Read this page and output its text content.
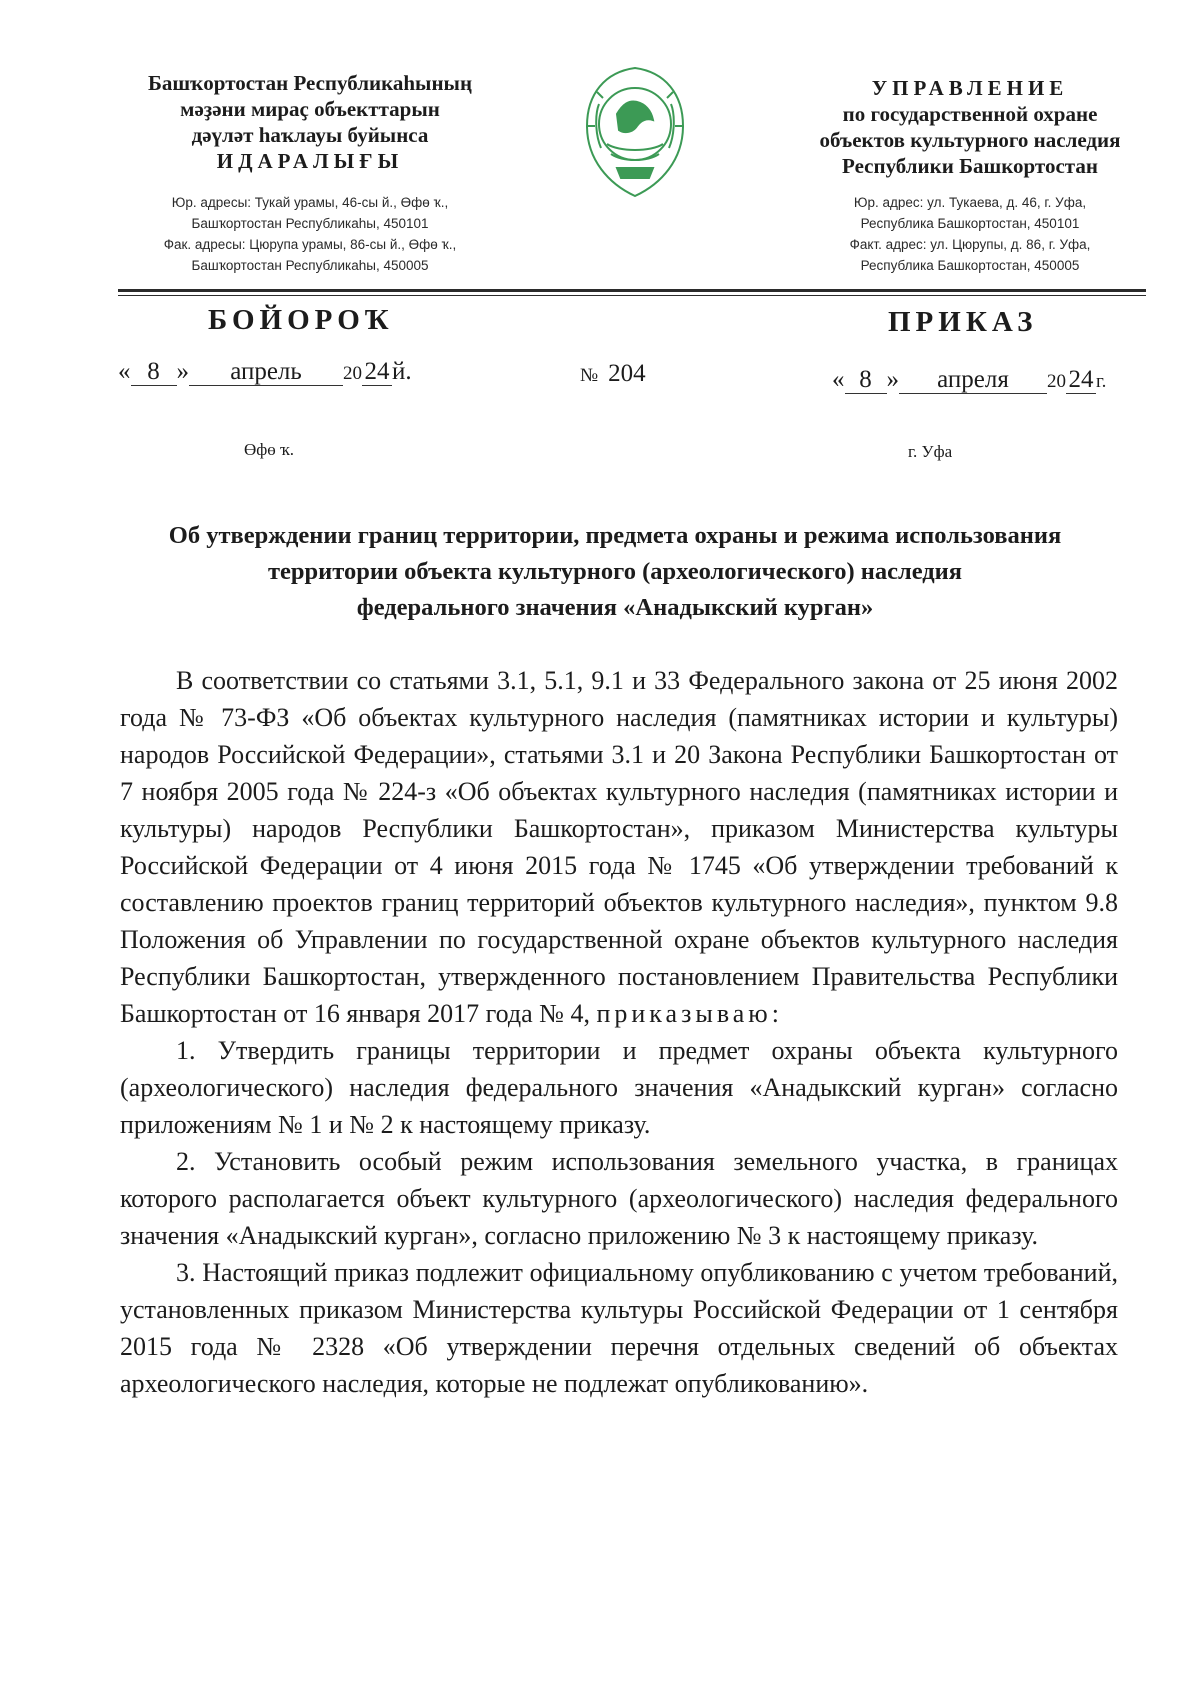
Башҡортостан Республикаһының
мәҙәни мираҫ объекттарын
дәүләт һаҡлауы буйынса
ИДАРАЛЫҒЫ
Юр. адресы: Тукай урамы, 46-сы й., Өфө ҡ.,
Башҡортостан Республикаһы, 450101
Фак. адресы: Цюрупа урамы, 86-сы й., Өфө ҡ.,
Башҡортостан Республикаһы, 450005
УПРАВЛЕНИЕ
по государственной охране
объектов культурного наследия
Республики Башкортостан
Юр. адрес: ул. Тукаева, д. 46, г. Уфа,
Республика Башкортостан, 450101
Факт. адрес: ул. Цюрупы, д. 86, г. Уфа,
Республика Башкортостан, 450005
БОЙОРОҠ	ПРИКАЗ
« 8 » апрель 20 24 й.	№ 204	« 8 » апреля 20 24 г.
Өфө ҡ.	г. Уфа
Об утверждении границ территории, предмета охраны и режима использования
территории объекта культурного (археологического) наследия
федерального значения «Анадыкский курган»

В соответствии со статьями 3.1, 5.1, 9.1 и 33 Федерального закона от 25 июня 2002 года № 73-ФЗ «Об объектах культурного наследия (памятниках истории и культуры) народов Российской Федерации», статьями 3.1 и 20 Закона Республики Башкортостан от 7 ноября 2005 года № 224-з «Об объектах культурного наследия (памятниках истории и культуры) народов Республики Башкортостан», приказом Министерства культуры Российской Федерации от 4 июня 2015 года № 1745 «Об утверждении требований к составлению проектов границ территорий объектов культурного наследия», пунктом 9.8 Положения об Управлении по государственной охране объектов культурного наследия Республики Башкортостан, утвержденного постановлением Правительства Республики Башкортостан от 16 января 2017 года № 4, приказываю:

1. Утвердить границы территории и предмет охраны объекта культурного (археологического) наследия федерального значения «Анадыкский курган» согласно приложениям № 1 и № 2 к настоящему приказу.

2. Установить особый режим использования земельного участка, в границах которого располагается объект культурного (археологического) наследия федерального значения «Анадыкский курган», согласно приложению № 3 к настоящему приказу.

3. Настоящий приказ подлежит официальному опубликованию с учетом требований, установленных приказом Министерства культуры Российской Федерации от 1 сентября 2015 года № 2328 «Об утверждении перечня отдельных сведений об объектах археологического наследия, которые не подлежат опубликованию».
